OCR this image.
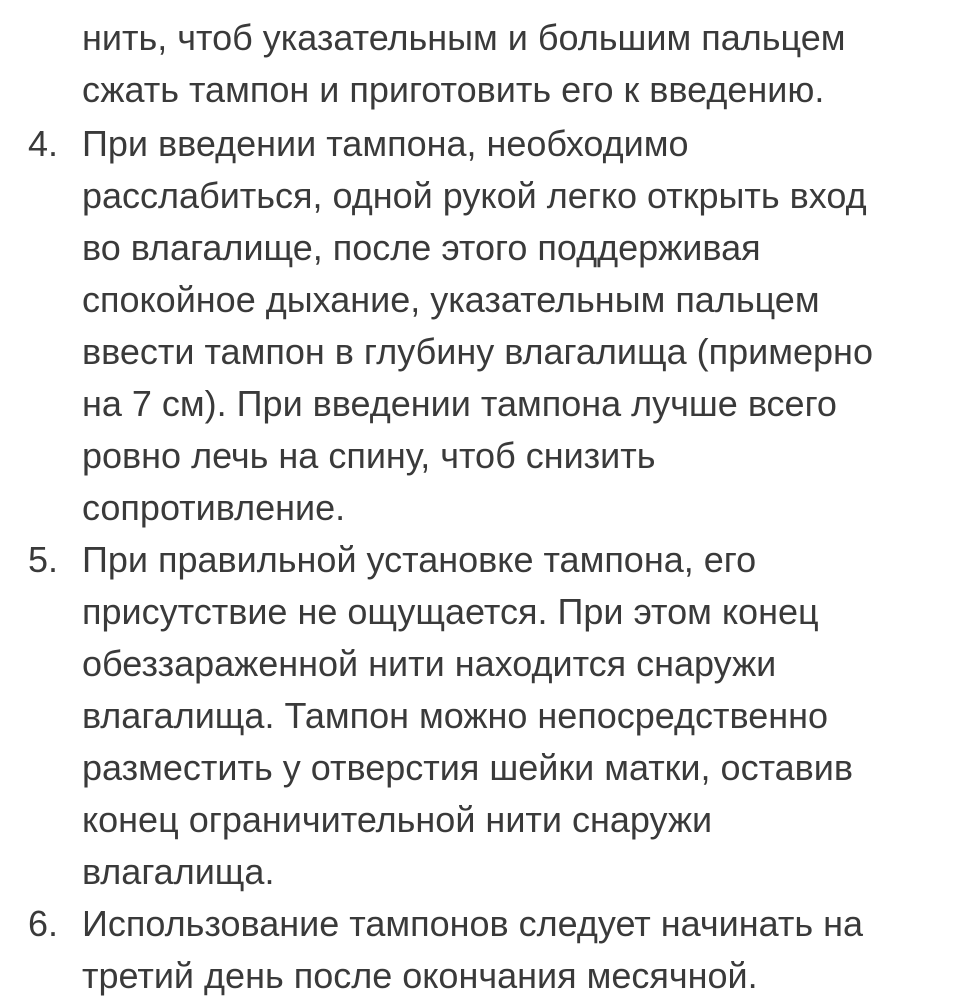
нить, чтоб указательным и большим пальцем
сжать тампон и приготовить его к введению.
4. При введении тампона, необходимо
расслабиться, одной рукой легко открыть вход
во влагалище, после этого поддерживая
спокойное дыхание, указательным пальцем
ввести тампон в глубину влагалища (примерно
на 7 см). При введении тампона лучше всего
ровно лечь на спину, чтоб снизить
сопротивление.
5. При правильной установке тампона, его
присутствие не ощущается. При этом конец
обеззараженной нити находится снаружи
влагалища. Тампон можно непосредственно
разместить у отверстия шейки матки, оставив
конец ограничительной нити снаружи
влагалища.
6. Использование тампонов следует начинать на
третий день после окончания месячной.
